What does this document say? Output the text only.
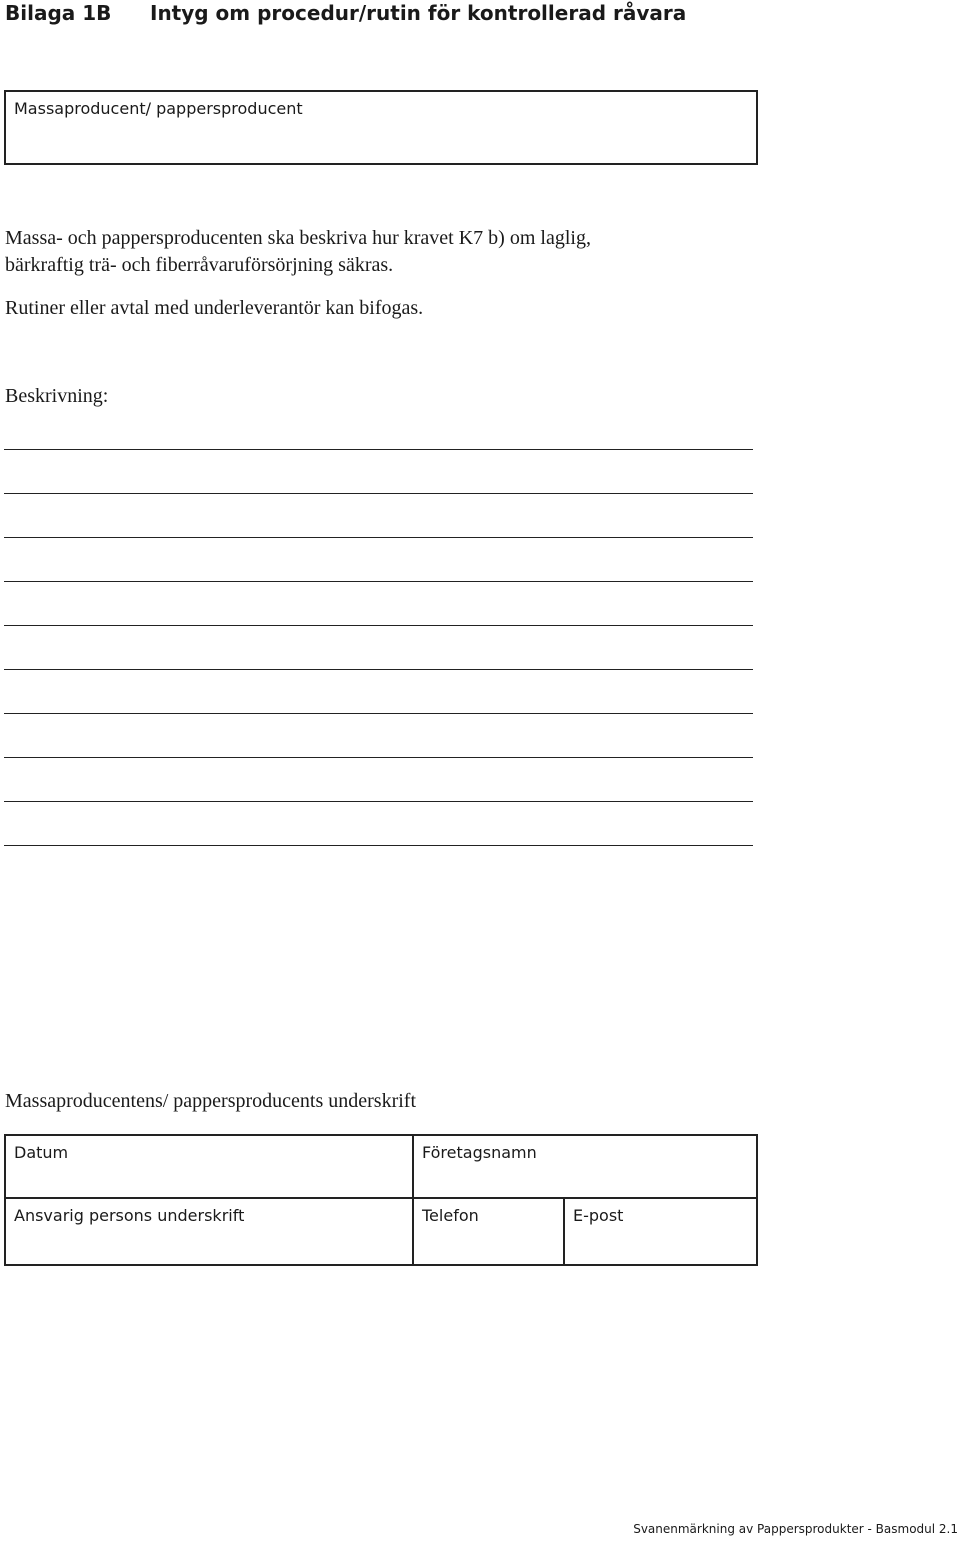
Bilaga 1B Intyg om procedur/rutin för kontrollerad råvara
Massaproducent/ pappersproducent
Massa- och pappersproducenten ska beskriva hur kravet K7 b) om laglig,
bärkraftig trä- och fiberråvaruförsörjning säkras.
Rutiner eller avtal med underleverantör kan bifogas.
Beskrivning:
Massaproducentens/ pappersproducents underskrift
Datum	Företagsnamn
Ansvarig persons underskrift	Telefon	E-post
Svanenmärkning av Pappersprodukter - Basmodul 2.1
